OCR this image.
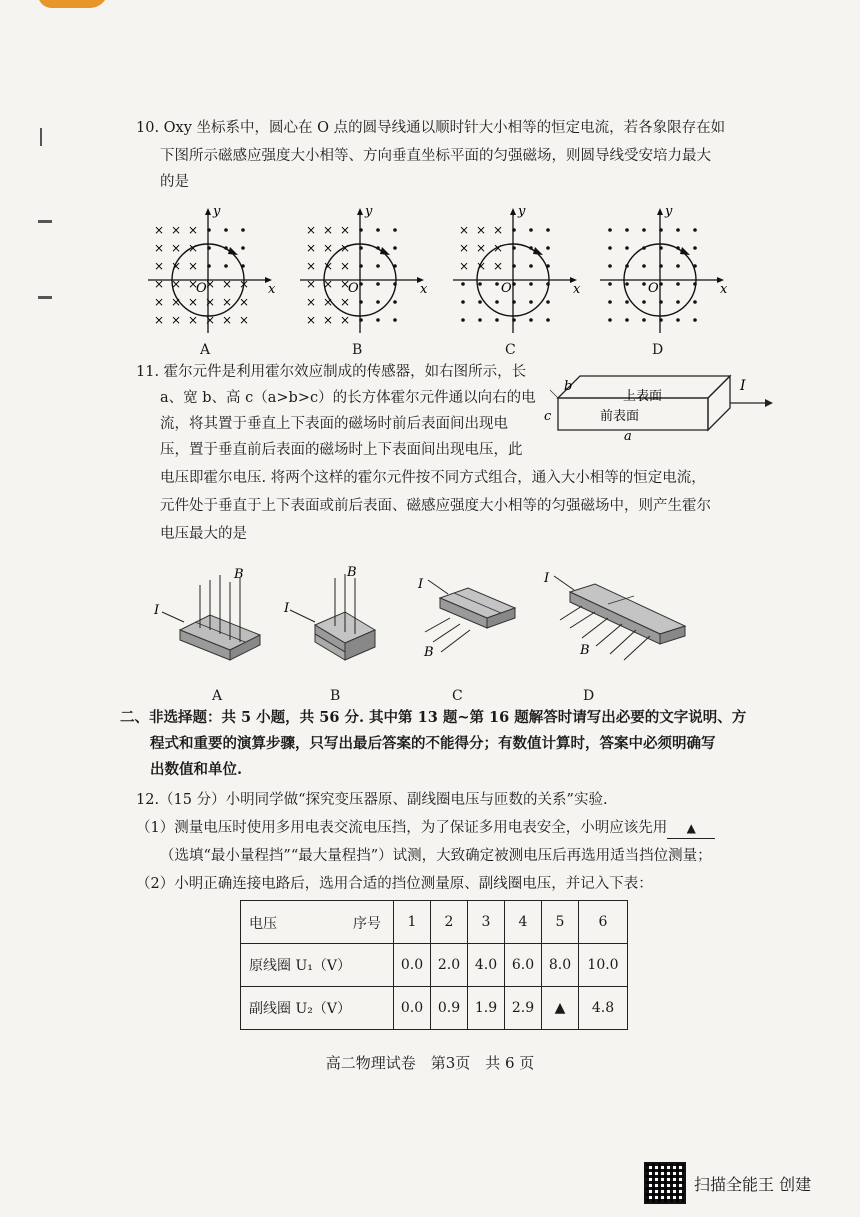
10. Oxy 坐标系中，圆心在 O 点的圆导线通以顺时针大小相等的恒定电流，若各象限存在如
下图所示磁感应强度大小相等、方向垂直坐标平面的匀强磁场，则圆导线受安培力最大
的是
× × ×
× × ×
× × ×
× × × × × ×
× × × × × ×
× × × × × ×
x
y
O
× × ×
× × ×
× × ×
× × ×
× × ×
× × ×
x
y
O
× × ×
× × ×
× × ×
x
y
O	x
y
O
A	B	C	D
11. 霍尔元件是利用霍尔效应制成的传感器，如右图所示，长
a、宽 b、高 c（a>b>c）的长方体霍尔元件通以向右的电
流，将其置于垂直上下表面的磁场时前后表面间出现电
压，置于垂直前后表面的磁场时上下表面间出现电压，此
电压即霍尔电压. 将两个这样的霍尔元件按不同方式组合，通入大小相等的恒定电流，
元件处于垂直于上下表面或前后表面、磁感应强度大小相等的匀强磁场中，则产生霍尔
电压最大的是
上表面
前表面
b
c
a
I
B
I
B
I
I
B
I
B
A	B	C	D
二、非选择题：共 5 小题，共 56 分. 其中第 13 题~第 16 题解答时请写出必要的文字说明、方
程式和重要的演算步骤，只写出最后答案的不能得分；有数值计算时，答案中必须明确写
出数值和单位.
12.（15 分）小明同学做“探究变压器原、副线圈电压与匝数的关系”实验.
（1）测量电压时使用多用电表交流电压挡，为了保证多用电表安全，小明应该先用 ▲
（选填“最小量程挡”“最大量程挡”）试测，大致确定被测电压后再选用适当挡位测量；
（2）小明正确连接电路后，选用合适的挡位测量原、副线圈电压，并记入下表：
电压 序号	1	2	3	4	5	6
原线圈 U₁（V）	0.0	2.0	4.0	6.0	8.0	10.0
副线圈 U₂（V）	0.0	0.9	1.9	2.9	▲	4.8
高二物理试卷　第3页　共 6 页
扫描全能王 创建
